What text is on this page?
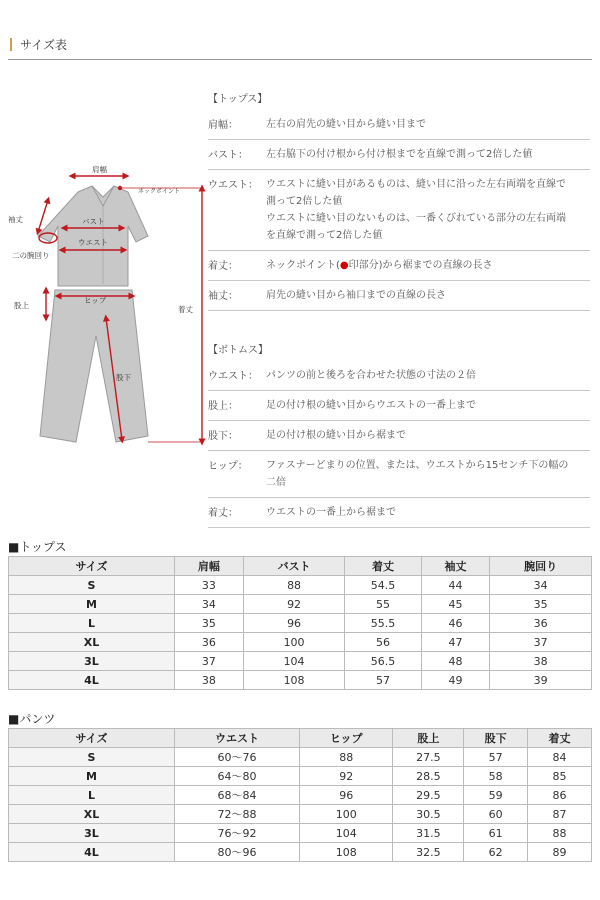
サイズ表
肩幅
ネックポイント
袖丈	バスト
ウエスト
二の腕回り
ヒップ
股上	着丈
股下
【トップス】
肩幅：	左右の肩先の縫い目から縫い目まで
バスト：	左右脇下の付け根から付け根までを直線で測って2倍した値
ウエスト： ウエストに縫い目があるものは、縫い目に沿った左右両端を直線で
測って2倍した値
ウエストに縫い目のないものは、一番くびれている部分の左右両端
を直線で測って2倍した値
着丈：	ネックポイント(●印部分)から裾までの直線の長さ
袖丈：	肩先の縫い目から袖口までの直線の長さ
【ボトムス】
ウエスト： パンツの前と後ろを合わせた状態の寸法の２倍
股上：	足の付け根の縫い目からウエストの一番上まで
股下：	足の付け根の縫い目から裾まで
ヒップ：	ファスナーどまりの位置、または、ウエストから15センチ下の幅の
二倍
着丈：	ウエストの一番上から裾まで
■トップス
サイズ	肩幅	バスト	着丈	袖丈	腕回り
S	33	88	54.5	44	34
M	34	92	55	45	35
L	35	96	55.5	46	36
XL	36	100	56	47	37
3L	37	104	56.5	48	38
4L	38	108	57	49	39
■パンツ
サイズ	ウエスト	ヒップ	股上	股下	着丈
S	60～76	88	27.5	57	84
M	64～80	92	28.5	58	85
L	68～84	96	29.5	59	86
XL	72～88	100	30.5	60	87
3L	76～92	104	31.5	61	88
4L	80～96	108	32.5	62	89
